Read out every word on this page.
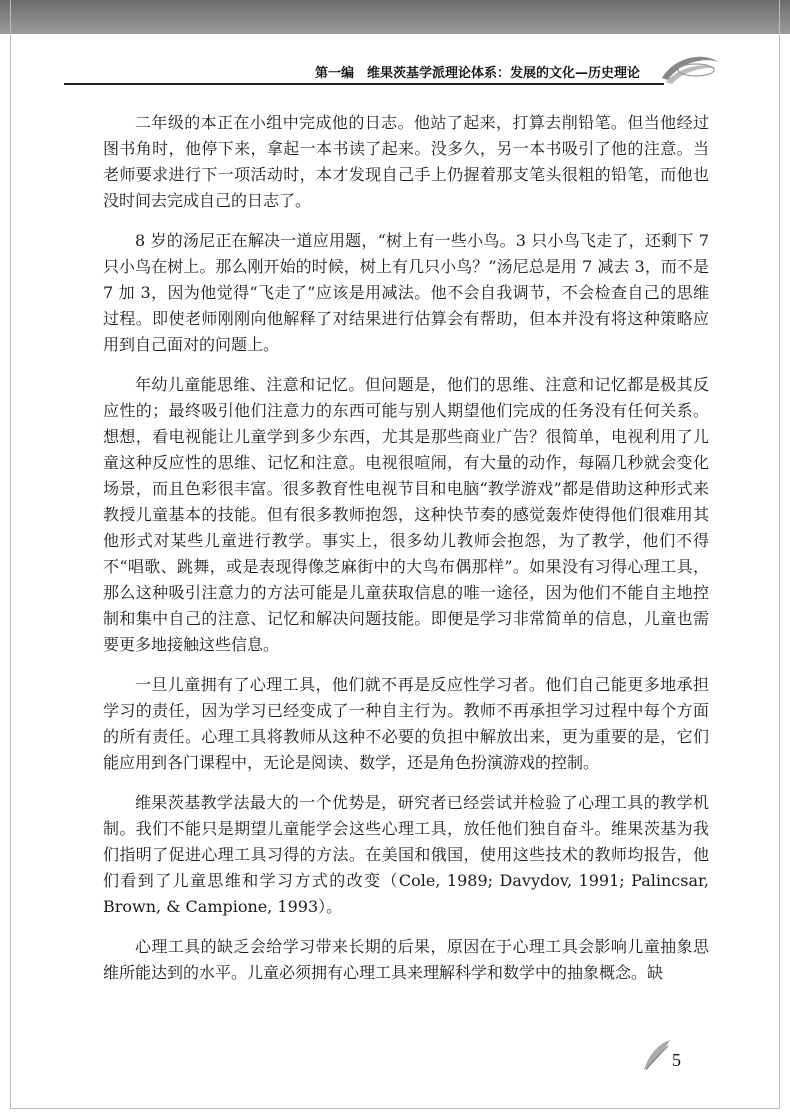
第一编　维果茨基学派理论体系：发展的文化—历史理论

二年级的本正在小组中完成他的日志。他站了起来，打算去削铅笔。但当他经过图书角时，他停下来，拿起一本书读了起来。没多久，另一本书吸引了他的注意。当老师要求进行下一项活动时，本才发现自己手上仍握着那支笔头很粗的铅笔，而他也没时间去完成自己的日志了。

8 岁的汤尼正在解决一道应用题，“树上有一些小鸟。3 只小鸟飞走了，还剩下 7 只小鸟在树上。那么刚开始的时候，树上有几只小鸟？”汤尼总是用 7 减去 3，而不是 7 加 3，因为他觉得“飞走了”应该是用减法。他不会自我调节，不会检查自己的思维过程。即使老师刚刚向他解释了对结果进行估算会有帮助，但本并没有将这种策略应用到自己面对的问题上。

年幼儿童能思维、注意和记忆。但问题是，他们的思维、注意和记忆都是极其反应性的；最终吸引他们注意力的东西可能与别人期望他们完成的任务没有任何关系。想想，看电视能让儿童学到多少东西，尤其是那些商业广告？很简单，电视利用了儿童这种反应性的思维、记忆和注意。电视很喧闹，有大量的动作，每隔几秒就会变化场景，而且色彩很丰富。很多教育性电视节目和电脑“教学游戏”都是借助这种形式来教授儿童基本的技能。但有很多教师抱怨，这种快节奏的感觉轰炸使得他们很难用其他形式对某些儿童进行教学。事实上，很多幼儿教师会抱怨，为了教学，他们不得不“唱歌、跳舞，或是表现得像芝麻街中的大鸟布偶那样”。如果没有习得心理工具，那么这种吸引注意力的方法可能是儿童获取信息的唯一途径，因为他们不能自主地控制和集中自己的注意、记忆和解决问题技能。即便是学习非常简单的信息，儿童也需要更多地接触这些信息。

一旦儿童拥有了心理工具，他们就不再是反应性学习者。他们自己能更多地承担学习的责任，因为学习已经变成了一种自主行为。教师不再承担学习过程中每个方面的所有责任。心理工具将教师从这种不必要的负担中解放出来，更为重要的是，它们能应用到各门课程中，无论是阅读、数学，还是角色扮演游戏的控制。

维果茨基教学法最大的一个优势是，研究者已经尝试并检验了心理工具的教学机制。我们不能只是期望儿童能学会这些心理工具，放任他们独自奋斗。维果茨基为我们指明了促进心理工具习得的方法。在美国和俄国，使用这些技术的教师均报告，他们看到了儿童思维和学习方式的改变（Cole, 1989; Davydov, 1991; Palincsar, Brown, & Campione, 1993）。

心理工具的缺乏会给学习带来长期的后果，原因在于心理工具会影响儿童抽象思维所能达到的水平。儿童必须拥有心理工具来理解科学和数学中的抽象概念。缺

5
